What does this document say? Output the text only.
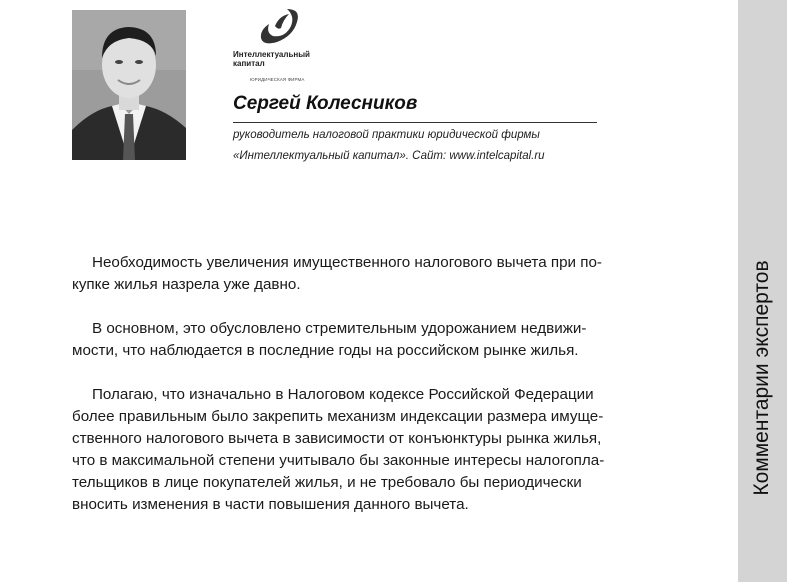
Интеллектуальный
капитал
ЮРИДИЧЕСКАЯ ФИРМА
Сергей Колесников
руководитель налоговой практики юридической фирмы
«Интеллектуальный капитал». Сайт: www.intelcapital.ru

Необходимость увеличения имущественного налогового вычета при по-
купке жилья назрела уже давно.

В основном, это обусловлено стремительным удорожанием недвижи-
мости, что наблюдается в последние годы на российском рынке жилья.

Полагаю, что изначально в Налоговом кодексе Российской Федерации
более правильным было закрепить механизм индексации размера имуще-
ственного налогового вычета в зависимости от конъюнктуры рынка жилья,
что в максимальной степени учитывало бы законные интересы налогопла-
тельщиков в лице покупателей жилья, и не требовало бы периодически
вносить изменения в части повышения данного вычета.

Комментарии экспертов
